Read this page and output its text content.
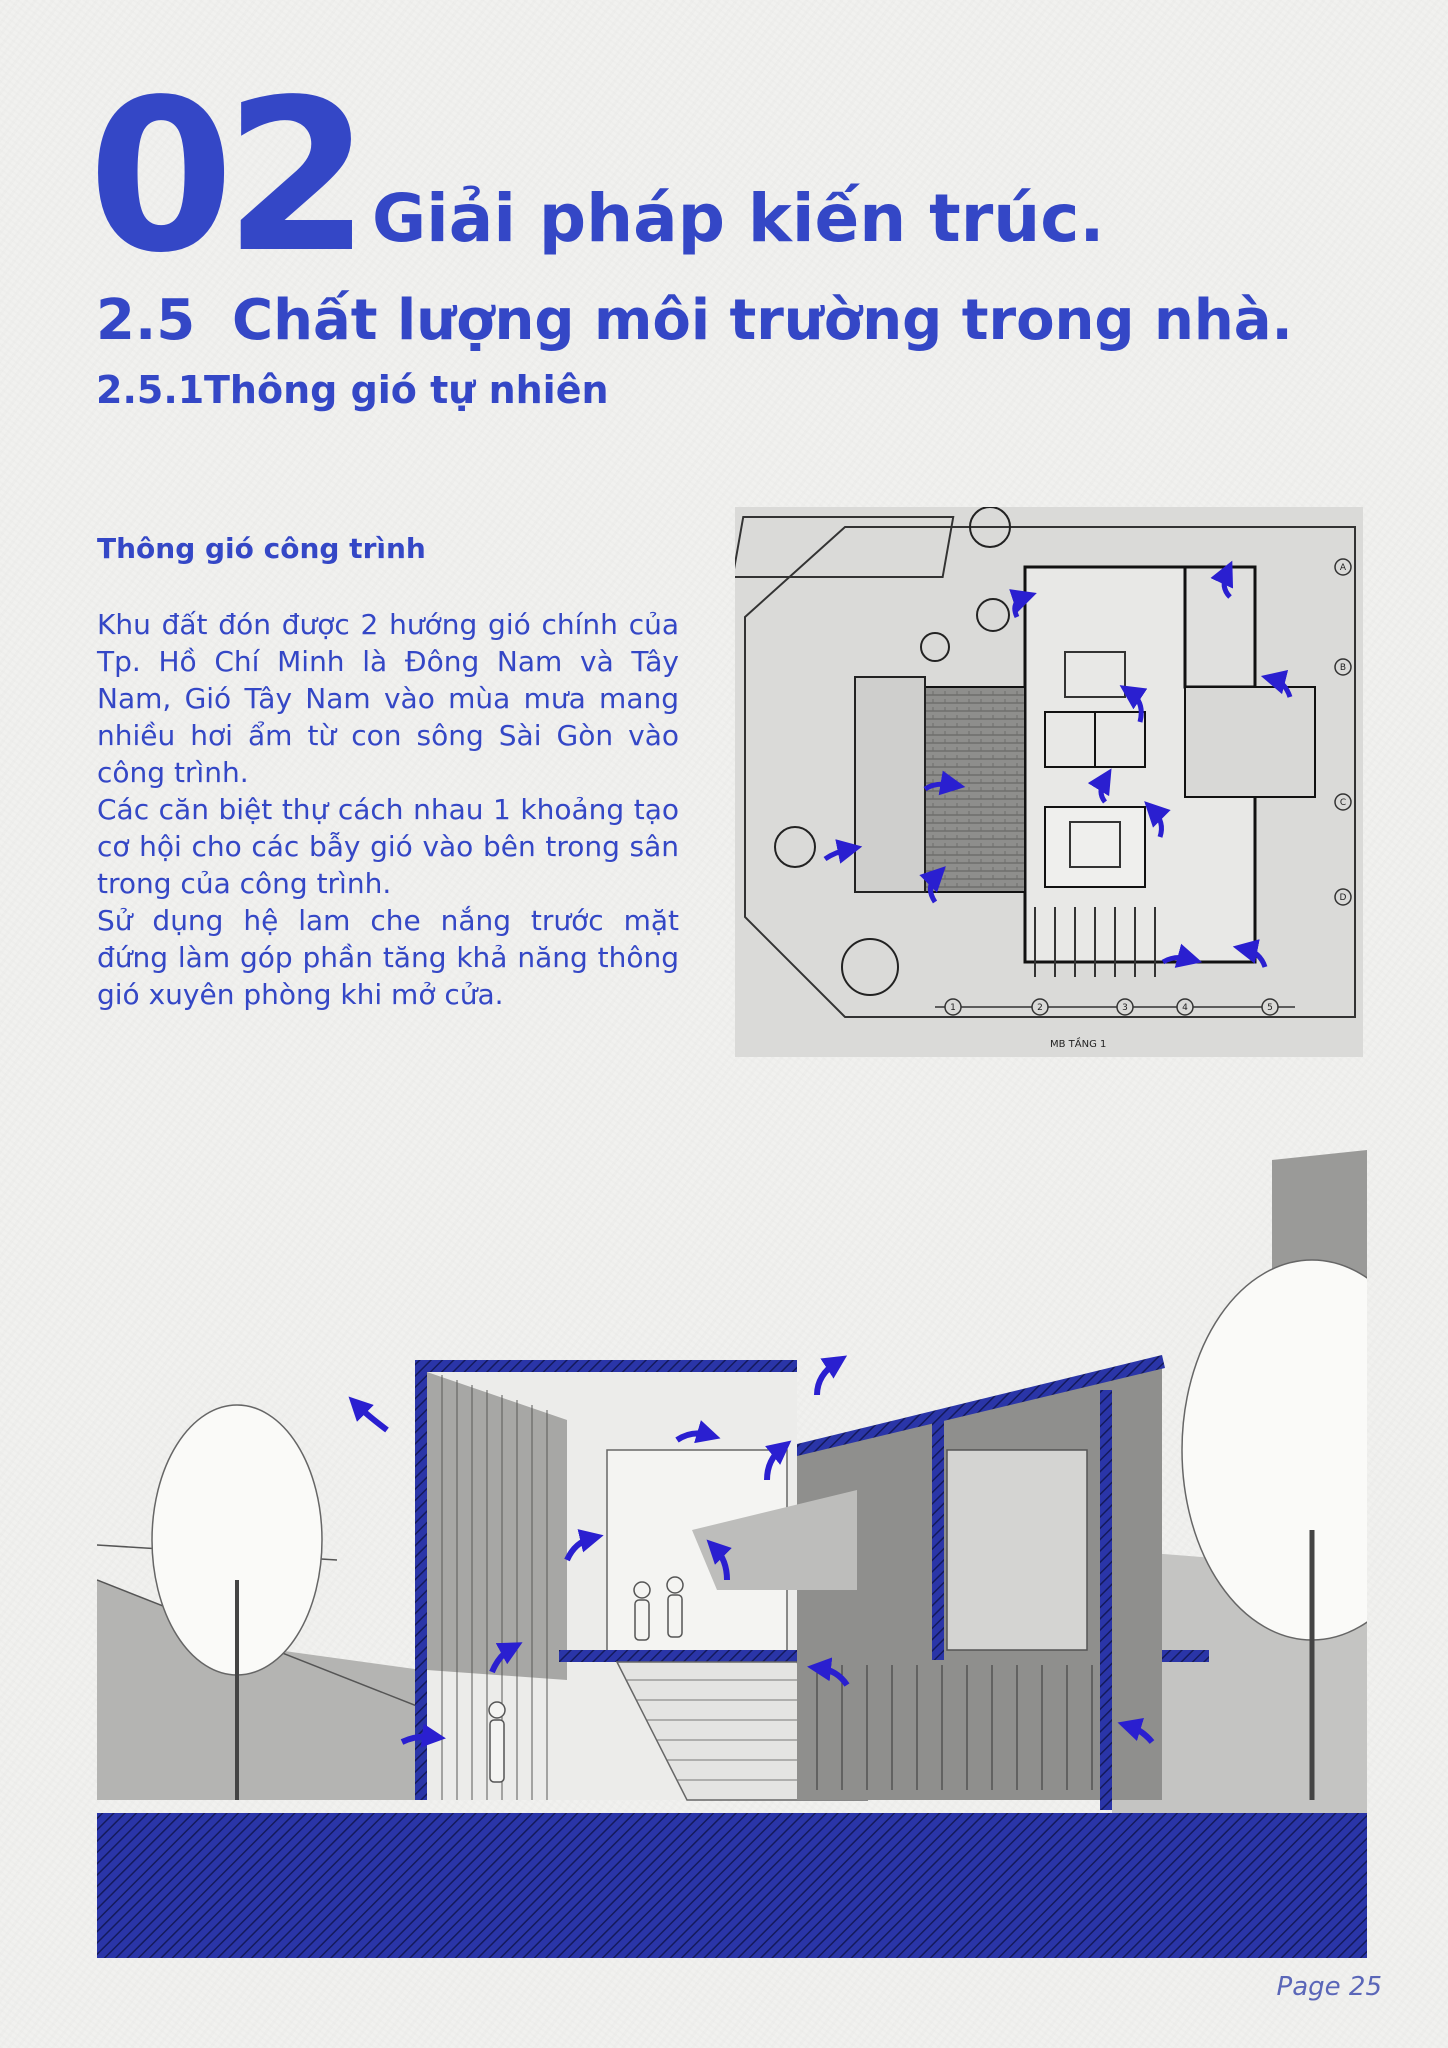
02 Giải pháp kiến trúc.
2.5 Chất lượng môi trường trong nhà.
2.5.1Thông gió tự nhiên
Thông gió công trình

Khu đất đón được 2 hướng gió chính của Tp. Hồ Chí Minh là Đông Nam và Tây Nam, Gió Tây Nam vào mùa mưa mang nhiều hơi ẩm từ con sông Sài Gòn vào công trình.

Các căn biệt thự cách nhau 1 khoảng tạo cơ hội cho các bẫy gió vào bên trong sân trong của công trình.

Sử dụng hệ lam che nắng trước mặt đứng làm góp phần tăng khả năng thông gió xuyên phòng khi mở cửa.	1	2	3	4	5
A
B
C
D
MB TẦNG 1

Page 25
